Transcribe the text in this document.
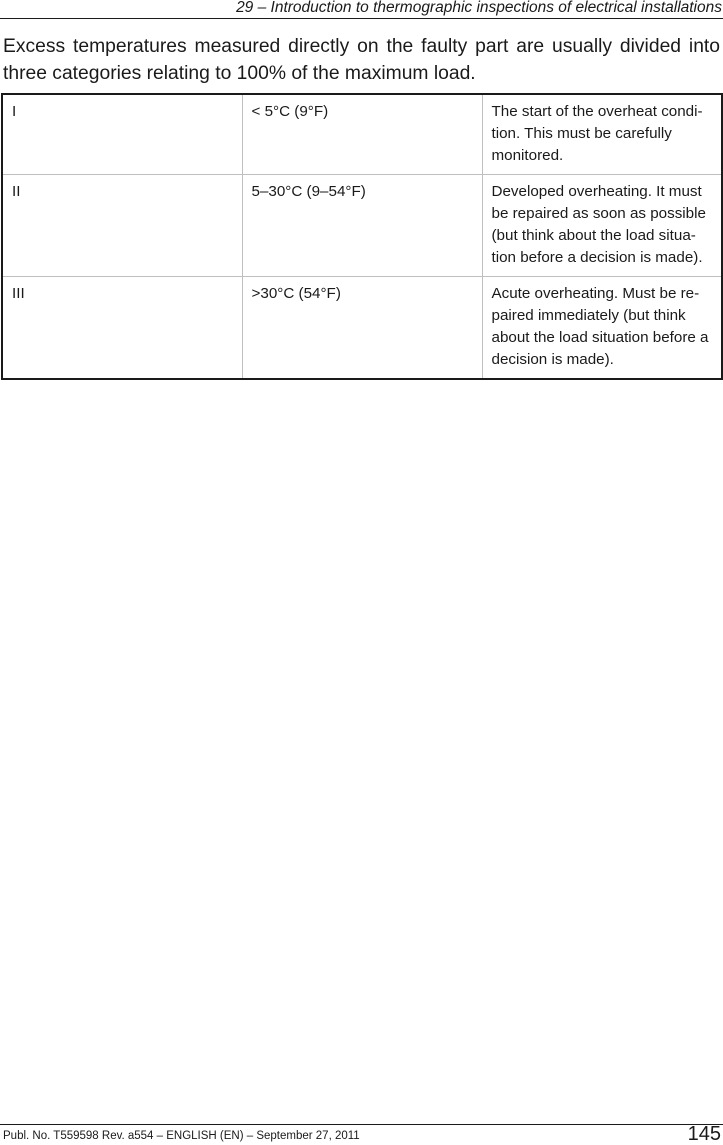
29 – Introduction to thermographic inspections of electrical installations

Excess temperatures measured directly on the faulty part are usually divided into three categories relating to 100% of the maximum load.

I	< 5°C (9°F)	The start of the overheat condi-tion. This must be carefully monitored.
II	5–30°C (9–54°F)	Developed overheating. It must be repaired as soon as possible (but think about the load situa-tion before a decision is made).
III	>30°C (54°F)	Acute overheating. Must be re-paired immediately (but think about the load situation before a decision is made).
Publ. No. T559598 Rev. a554 – ENGLISH (EN) – September 27, 2011	145
